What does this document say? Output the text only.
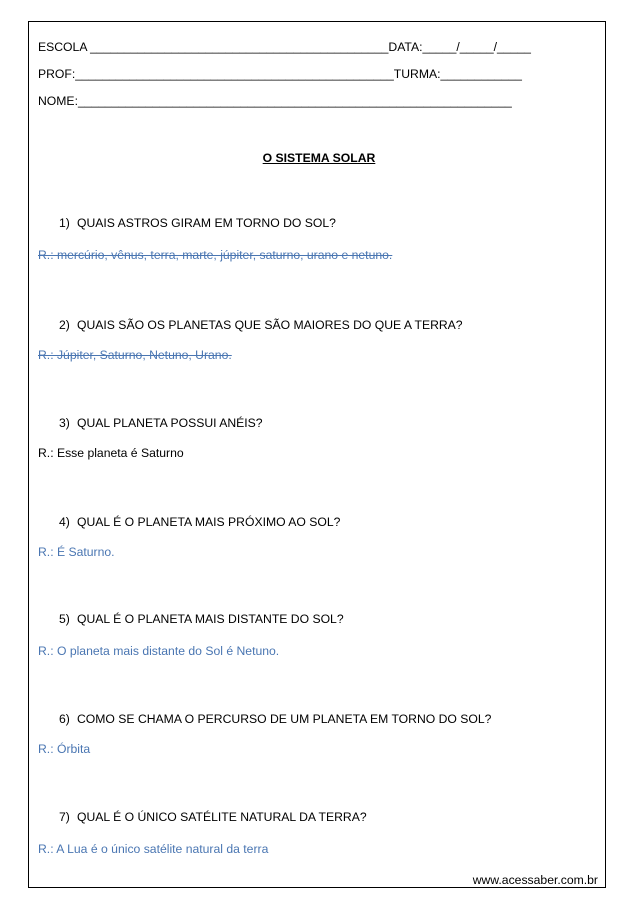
ESCOLA ____________________________________________DATA:_____/_____/_____
PROF:_______________________________________________TURMA:____________
NOME:________________________________________________________________
O SISTEMA SOLAR
1) QUAIS ASTROS GIRAM EM TORNO DO SOL?
R.: mercúrio, vênus, terra, marte, júpiter, saturno, urano e netuno.
2) QUAIS SÃO OS PLANETAS QUE SÃO MAIORES DO QUE A TERRA?
R.: Júpiter, Saturno, Netuno, Urano.
3) QUAL PLANETA POSSUI ANÉIS?
R.: Esse planeta é Saturno
4) QUAL É O PLANETA MAIS PRÓXIMO AO SOL?
R.: É Saturno.
5) QUAL É O PLANETA MAIS DISTANTE DO SOL?
R.: O planeta mais distante do Sol é Netuno.
6) COMO SE CHAMA O PERCURSO DE UM PLANETA EM TORNO DO SOL?
R.: Órbita
7) QUAL É O ÚNICO SATÉLITE NATURAL DA TERRA?
R.: A Lua é o único satélite natural da terra
www.acessaber.com.br
